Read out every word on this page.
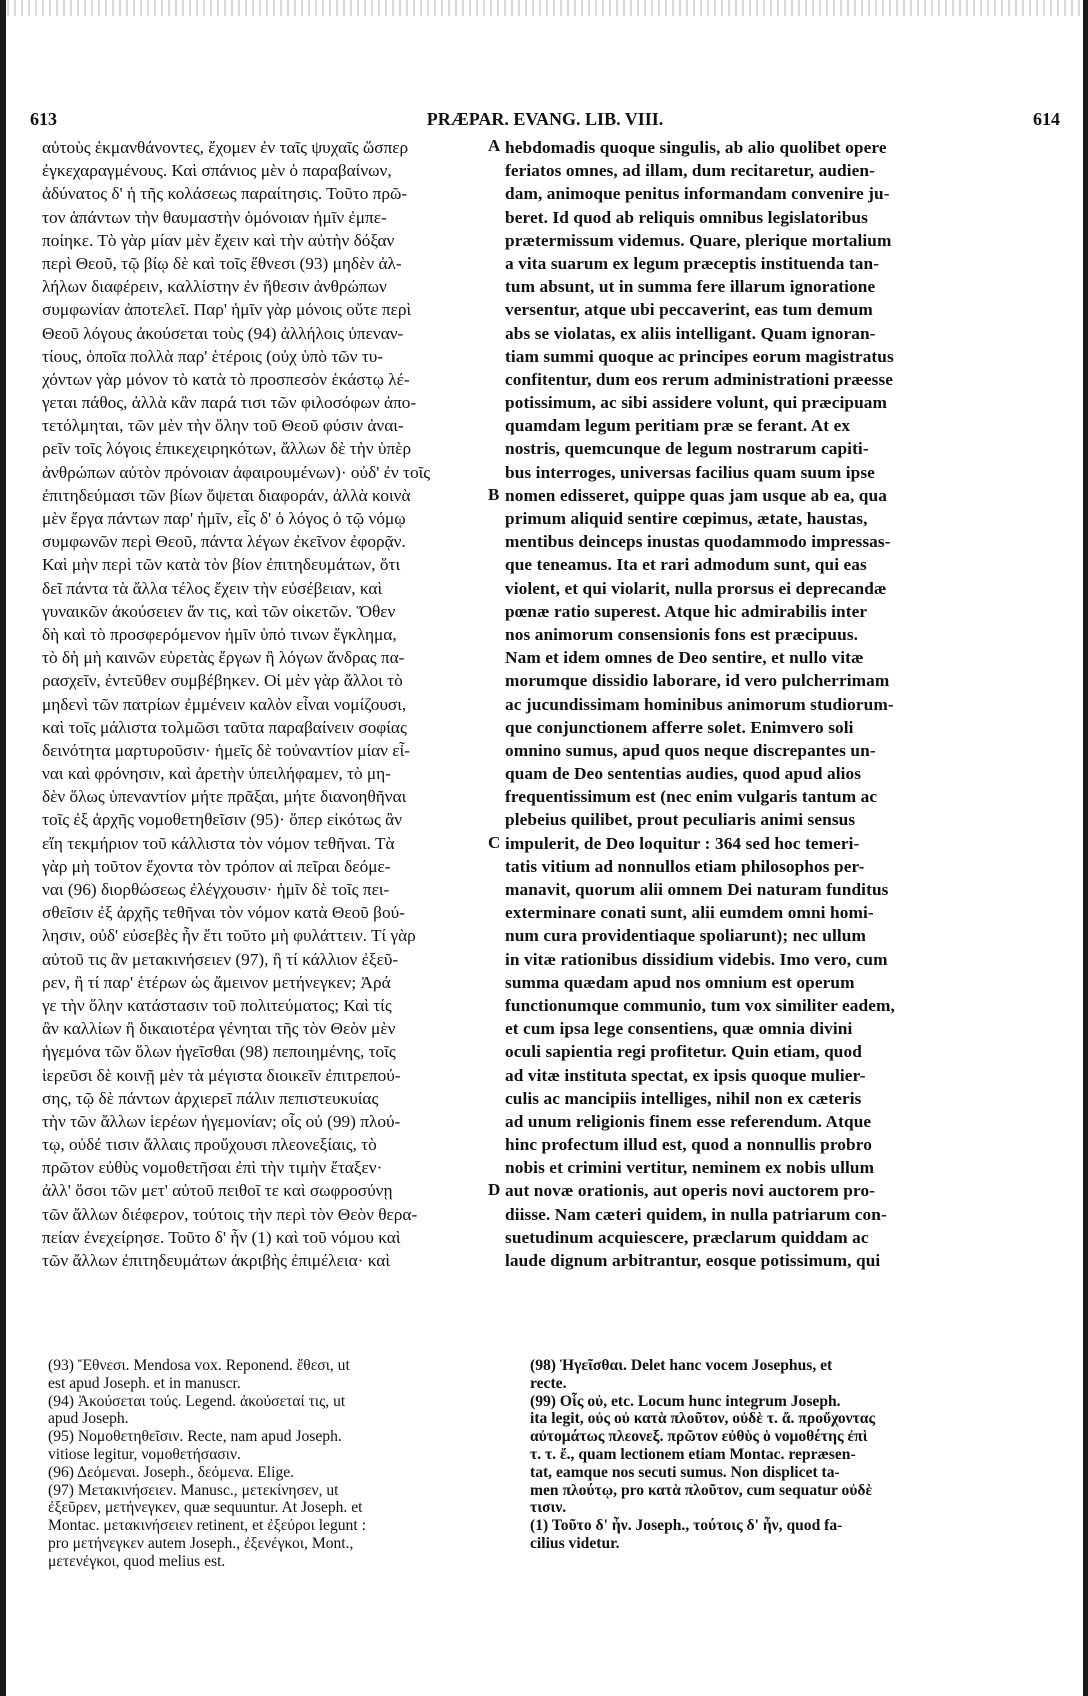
613	PRÆPAR. EVANG. LIB. VIII.	614
αὐτοὺς ἐκμανθάνοντες, ἔχομεν ἐν ταῖς ψυχαῖς ὥσπερ
ἐγκεχαραγμένους. Καὶ σπάνιος μὲν ὁ παραβαίνων,
ἀδύνατος δ' ἡ τῆς κολάσεως παραίτησις. Τοῦτο πρῶ-
τον ἁπάντων τὴν θαυμαστὴν ὁμόνοιαν ἡμῖν ἐμπε-
ποίηκε. Τὸ γὰρ μίαν μὲν ἔχειν καὶ τὴν αὐτὴν δόξαν
περὶ Θεοῦ, τῷ βίῳ δὲ καὶ τοῖς ἔθνεσι (93) μηδὲν ἀλ-
λήλων διαφέρειν, καλλίστην ἐν ἤθεσιν ἀνθρώπων
συμφωνίαν ἀποτελεῖ. Παρ' ἡμῖν γὰρ μόνοις οὔτε περὶ
Θεοῦ λόγους ἀκούσεται τοὺς (94) ἀλλήλοις ὑπεναν-
τίους, ὁποῖα πολλὰ παρ' ἑτέροις (οὐχ ὑπὸ τῶν τυ-
χόντων γὰρ μόνον τὸ κατὰ τὸ προσπεσὸν ἑκάστῳ λέ-
γεται πάθος, ἀλλὰ κἂν παρά τισι τῶν φιλοσόφων ἀπο-
τετόλμηται, τῶν μὲν τὴν ὅλην τοῦ Θεοῦ φύσιν ἀναι-
ρεῖν τοῖς λόγοις ἐπικεχειρηκότων, ἄλλων δὲ τὴν ὑπὲρ
ἀνθρώπων αὐτὸν πρόνοιαν ἀφαιρουμένων)· οὐδ' ἐν τοῖς
ἐπιτηδεύμασι τῶν βίων ὄψεται διαφοράν, ἀλλὰ κοινὰ
μὲν ἔργα πάντων παρ' ἡμῖν, εἷς δ' ὁ λόγος ὁ τῷ νόμῳ
συμφωνῶν περὶ Θεοῦ, πάντα λέγων ἐκεῖνον ἐφορᾷν.
Καὶ μὴν περὶ τῶν κατὰ τὸν βίον ἐπιτηδευμάτων, ὅτι
δεῖ πάντα τὰ ἄλλα τέλος ἔχειν τὴν εὐσέβειαν, καὶ
γυναικῶν ἀκούσειεν ἄν τις, καὶ τῶν οἰκετῶν. Ὅθεν
δὴ καὶ τὸ προσφερόμενον ἡμῖν ὑπό τινων ἔγκλημα,
τὸ δὴ μὴ καινῶν εὑρετὰς ἔργων ἢ λόγων ἄνδρας πα-
ρασχεῖν, ἐντεῦθεν συμβέβηκεν. Οἱ μὲν γὰρ ἄλλοι τὸ
μηδενὶ τῶν πατρίων ἐμμένειν καλὸν εἶναι νομίζουσι,
καὶ τοῖς μάλιστα τολμῶσι ταῦτα παραβαίνειν σοφίας
δεινότητα μαρτυροῦσιν· ἡμεῖς δὲ τοὐναντίον μίαν εἶ-
ναι καὶ φρόνησιν, καὶ ἀρετὴν ὑπειλήφαμεν, τὸ μη-
δὲν ὅλως ὑπεναντίον μήτε πρᾶξαι, μήτε διανοηθῆναι
τοῖς ἐξ ἀρχῆς νομοθετηθεῖσιν (95)· ὅπερ εἰκότως ἂν
εἴη τεκμήριον τοῦ κάλλιστα τὸν νόμον τεθῆναι. Τὰ
γὰρ μὴ τοῦτον ἔχοντα τὸν τρόπον αἱ πεῖραι δεόμε-
ναι (96) διορθώσεως ἐλέγχουσιν· ἡμῖν δὲ τοῖς πει-
σθεῖσιν ἐξ ἀρχῆς τεθῆναι τὸν νόμον κατὰ Θεοῦ βού-
λησιν, οὐδ' εὐσεβὲς ἦν ἔτι τοῦτο μὴ φυλάττειν. Τί γὰρ
αὐτοῦ τις ἂν μετακινήσειεν (97), ἢ τί κάλλιον ἐξεῦ-
ρεν, ἢ τί παρ' ἑτέρων ὡς ἄμεινον μετήνεγκεν; Ἀρά
γε τὴν ὅλην κατάστασιν τοῦ πολιτεύματος; Καὶ τίς
ἂν καλλίων ἢ δικαιοτέρα γένηται τῆς τὸν Θεὸν μὲν
ἡγεμόνα τῶν ὅλων ἡγεῖσθαι (98) πεποιημένης, τοῖς
ἱερεῦσι δὲ κοινῇ μὲν τὰ μέγιστα διοικεῖν ἐπιτρεπού-
σης, τῷ δὲ πάντων ἀρχιερεῖ πάλιν πεπιστευκυίας
τὴν τῶν ἄλλων ἱερέων ἡγεμονίαν; οἷς οὐ (99) πλού-
τῳ, οὐδέ τισιν ἄλλαις προὔχουσι πλεονεξίαις, τὸ
πρῶτον εὐθὺς νομοθετῆσαι ἐπὶ τὴν τιμὴν ἔταξεν·
ἀλλ' ὅσοι τῶν μετ' αὐτοῦ πειθοῖ τε καὶ σωφροσύνῃ
τῶν ἄλλων διέφερον, τούτοις τὴν περὶ τὸν Θεὸν θερα-
πείαν ἐνεχείρησε. Τοῦτο δ' ἦν (1) καὶ τοῦ νόμου καὶ
τῶν ἄλλων ἐπιτηδευμάτων ἀκριβὴς ἐπιμέλεια· καὶ
hebdomadis quoque singulis, ab alio quolibet opere
feriatos omnes, ad illam, dum recitaretur, audien-
dam, animoque penitus informandam convenire ju-
beret. Id quod ab reliquis omnibus legislatoribus
prætermissum videmus. Quare, plerique mortalium
a vita suarum ex legum præceptis instituenda tan-
tum absunt, ut in summa fere illarum ignoratione
versentur, atque ubi peccaverint, eas tum demum
abs se violatas, ex aliis intelligant. Quam ignoran-
tiam summi quoque ac principes eorum magistratus
confitentur, dum eos rerum administrationi præesse
potissimum, ac sibi assidere volunt, qui præcipuam
quamdam legum peritiam præ se ferant. At ex
nostris, quemcunque de legum nostrarum capiti-
bus interroges, universas facilius quam suum ipse
nomen edisseret, quippe quas jam usque ab ea, qua
primum aliquid sentire cœpimus, ætate, haustas,
mentibus deinceps inustas quodammodo impressas-
que teneamus. Ita et rari admodum sunt, qui eas
violent, et qui violarit, nulla prorsus ei deprecandæ
pœnæ ratio superest. Atque hic admirabilis inter
nos animorum consensionis fons est præcipuus.
Nam et idem omnes de Deo sentire, et nullo vitæ
morumque dissidio laborare, id vero pulcherrimam
ac jucundissimam hominibus animorum studiorum-
que conjunctionem afferre solet. Enimvero soli
omnino sumus, apud quos neque discrepantes un-
quam de Deo sententias audies, quod apud alios
frequentissimum est (nec enim vulgaris tantum ac
plebeius quilibet, prout peculiaris animi sensus
impulerit, de Deo loquitur : 364 sed hoc temeri-
tatis vitium ad nonnullos etiam philosophos per-
manavit, quorum alii omnem Dei naturam funditus
exterminare conati sunt, alii eumdem omni homi-
num cura providentiaque spoliarunt); nec ullum
in vitæ rationibus dissidium videbis. Imo vero, cum
summa quædam apud nos omnium est operum
functionumque communio, tum vox similiter eadem,
et cum ipsa lege consentiens, quæ omnia divini
oculi sapientia regi profitetur. Quin etiam, quod
ad vitæ instituta spectat, ex ipsis quoque mulier-
culis ac mancipiis intelliges, nihil non ex cæteris
ad unum religionis finem esse referendum. Atque
hinc profectum illud est, quod a nonnullis probro
nobis et crimini vertitur, neminem ex nobis ullum
aut novæ orationis, aut operis novi auctorem pro-
diisse. Nam cæteri quidem, in nulla patriarum con-
suetudinum acquiescere, præclarum quiddam ac
laude dignum arbitrantur, eosque potissimum, qui
A
B
C
D
(93) Ἔθνεσι. Mendosa vox. Reponend. ἔθεσι, ut
est apud Joseph. et in manuscr.
(94) Ἀκούσεται τούς. Legend. ἀκούσεταί τις, ut
apud Joseph.
(95) Νομοθετηθεῖσιν. Recte, nam apud Joseph.
vitiose legitur, νομοθετήσασιν.
(96) Δεόμεναι. Joseph., δεόμενα. Elige.
(97) Μετακινήσειεν. Manusc., μετεκίνησεν, ut
ἐξεῦρεν, μετήνεγκεν, quæ sequuntur. At Joseph. et
Montac. μετακινήσειεν retinent, et ἐξεύροι legunt :
pro μετήνεγκεν autem Joseph., ἐξενέγκοι, Mont.,
μετενέγκοι, quod melius est.
(98) Ἡγεῖσθαι. Delet hanc vocem Josephus, et
recte.
(99) Οἷς οὐ, etc. Locum hunc integrum Joseph.
ita legit, οὐς οὐ κατὰ πλοῦτον, οὐδὲ τ. ἄ. προὔχοντας
αὐτομάτως πλεονεξ. πρῶτον εὐθὺς ὁ νομοθέτης ἐπὶ
τ. τ. ἔ., quam lectionem etiam Montac. repræsen-
tat, eamque nos secuti sumus. Non displicet ta-
men πλούτῳ, pro κατὰ πλοῦτον, cum sequatur οὐδὲ
τισιν.
(1) Τοῦτο δ' ἦν. Joseph., τούτοις δ' ἦν, quod fa-
cilius videtur.
